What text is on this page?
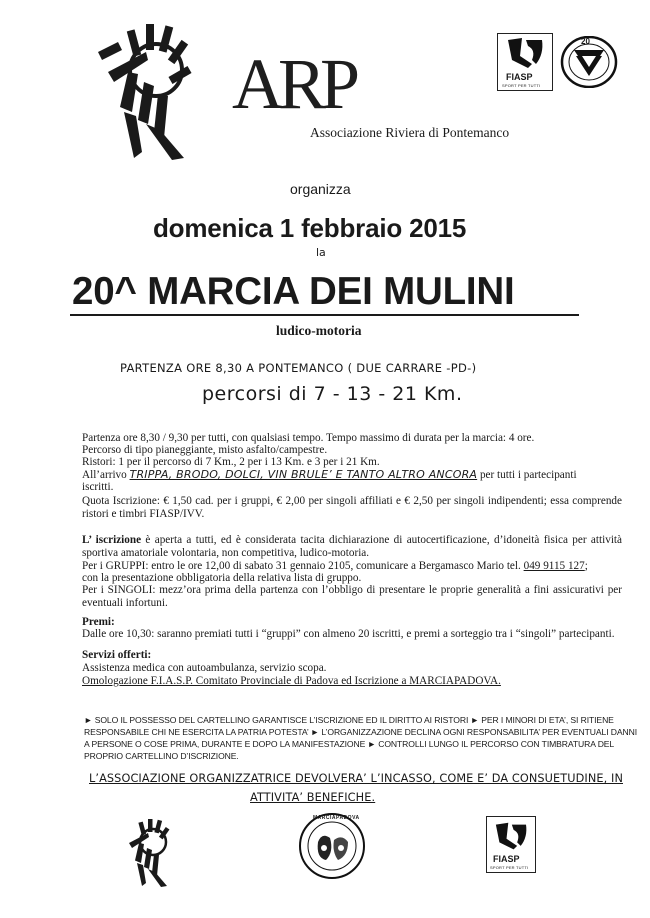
ARP
Associazione Riviera di Pontemanco
FIASP
SPORT PER TUTTI
20
organizza
domenica 1 febbraio 2015
la
20^ MARCIA DEI MULINI
ludico-motoria
PARTENZA ORE 8,30 A PONTEMANCO ( DUE CARRARE -PD-)
percorsi di 7 - 13 - 21 Km.
Partenza ore 8,30 / 9,30 per tutti, con qualsiasi tempo. Tempo massimo di durata per la marcia: 4 ore.
Percorso di tipo pianeggiante, misto asfalto/campestre.
Ristori: 1 per il percorso di 7 Km., 2 per i 13 Km. e 3 per i 21 Km.
All’arrivo TRIPPA, BRODO, DOLCI, VIN BRULE’ E TANTO ALTRO ANCORA per tutti i partecipanti
iscritti.
Quota Iscrizione: € 1,50 cad. per i gruppi, € 2,00 per singoli affiliati e € 2,50 per singoli indipendenti; essa comprende ristori e timbri FIASP/IVV.
L’ iscrizione è aperta a tutti, ed è considerata tacita dichiarazione di autocertificazione, d’idoneità fisica per attività sportiva amatoriale volontaria, non competitiva, ludico-motoria.
Per i GRUPPI: entro le ore 12,00 di sabato 31 gennaio 2105, comunicare a Bergamasco Mario tel. 049 9115 127;
con la presentazione obbligatoria della relativa lista di gruppo.
Per i SINGOLI: mezz’ora prima della partenza con l’obbligo di presentare le proprie generalità a fini assicurativi per eventuali infortuni.
Premi:
Dalle ore 10,30: saranno premiati tutti i “gruppi” con almeno 20 iscritti, e premi a sorteggio tra i “singoli” partecipanti.
Servizi offerti:
Assistenza medica con autoambulanza, servizio scopa.
Omologazione F.I.A.S.P. Comitato Provinciale di Padova ed Iscrizione a MARCIAPADOVA.
► SOLO IL POSSESSO DEL CARTELLINO GARANTISCE L’ISCRIZIONE ED IL DIRITTO AI RISTORI ► PER I MINORI DI ETA’, SI RITIENE
RESPONSABILE CHI NE ESERCITA LA PATRIA POTESTA’ ► L’ORGANIZZAZIONE DECLINA OGNI RESPONSABILITA’ PER EVENTUALI DANNI
A PERSONE O COSE PRIMA, DURANTE E DOPO LA MANIFESTAZIONE ► CONTROLLI LUNGO IL PERCORSO CON TIMBRATURA DEL
PROPRIO CARTELLINO D’ISCRIZIONE.
L’ASSOCIAZIONE ORGANIZZATRICE DEVOLVERA’ L’INCASSO, COME E’ DA CONSUETUDINE, IN
ATTIVITA’ BENEFICHE.
MARCIAPADOVA
FIASP
SPORT PER TUTTI
